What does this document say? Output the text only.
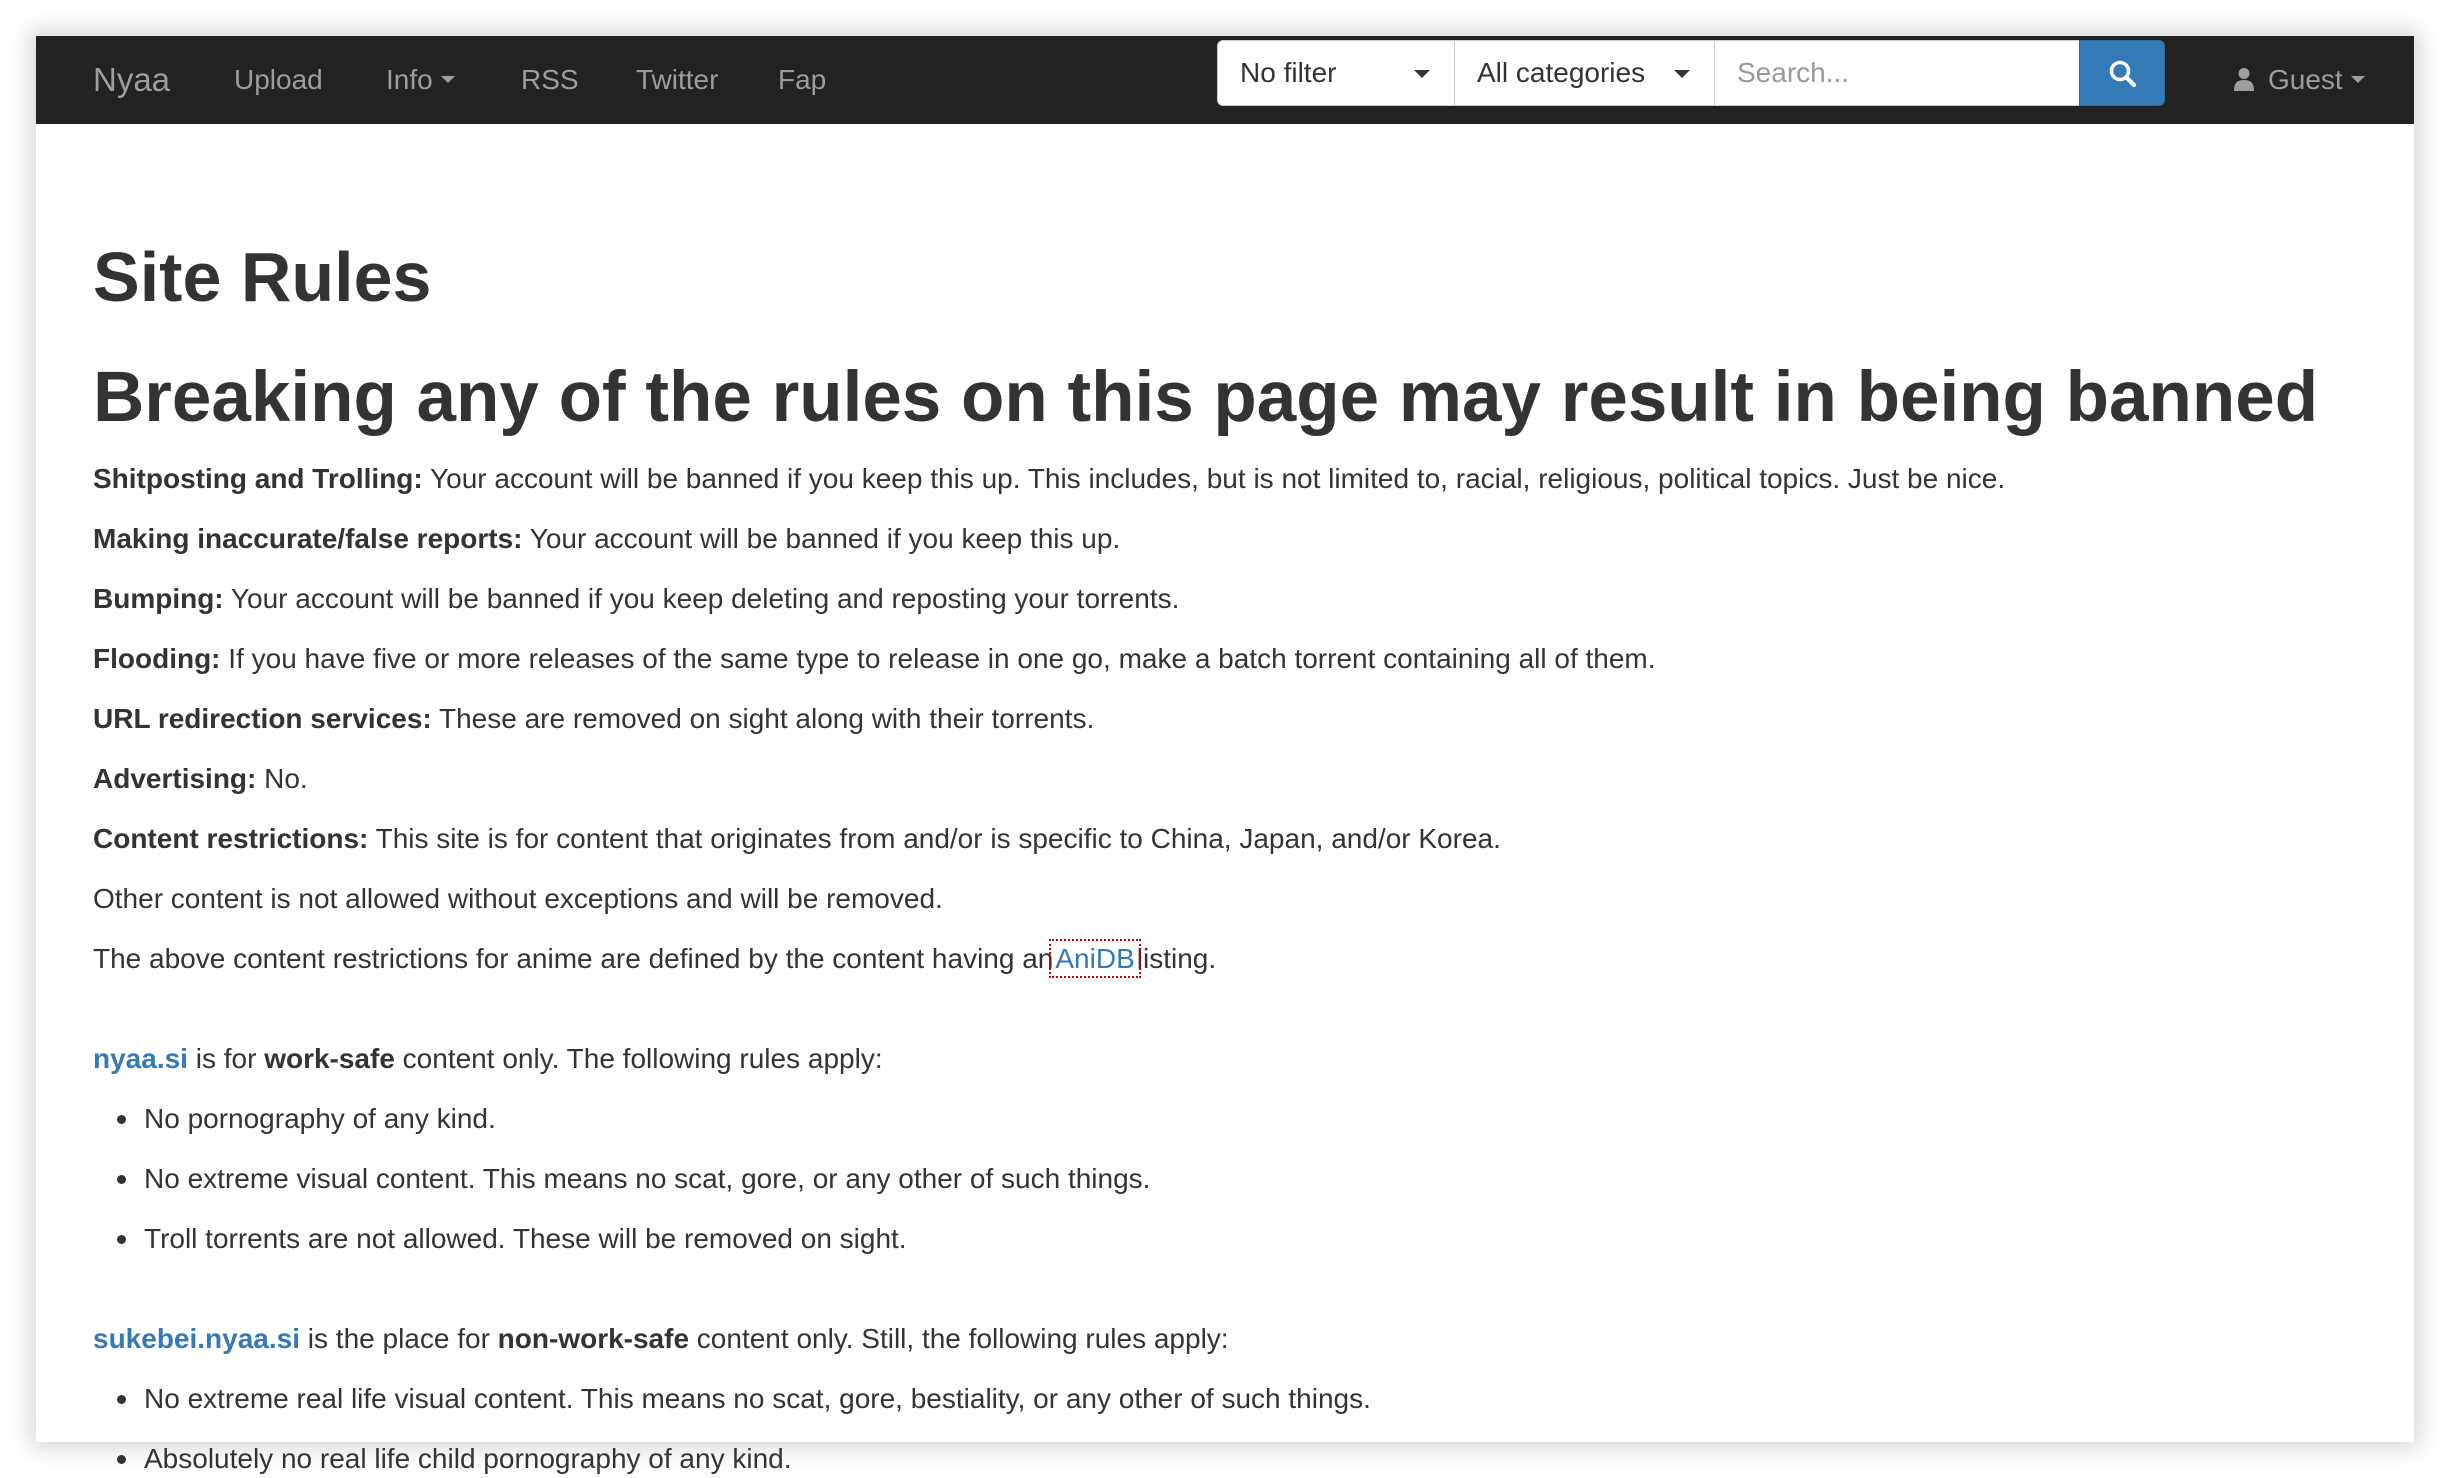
Nyaa Upload Info	RSS Twitter Fap	No filter	All categories
Search...	Guest
Site Rules
Breaking any of the rules on this page may result in being banned
Shitposting and Trolling: Your account will be banned if you keep this up. This includes, but is not limited to, racial, religious, political topics. Just be nice.
Making inaccurate/false reports: Your account will be banned if you keep this up.
Bumping: Your account will be banned if you keep deleting and reposting your torrents.
Flooding: If you have five or more releases of the same type to release in one go, make a batch torrent containing all of them.
URL redirection services: These are removed on sight along with their torrents.
Advertising: No.
Content restrictions: This site is for content that originates from and/or is specific to China, Japan, and/or Korea.
Other content is not allowed without exceptions and will be removed.
The above content restrictions for anime are defined by the content having anAniDBlisting.
nyaa.si is for work-safe content only. The following rules apply:
No pornography of any kind.
No extreme visual content. This means no scat, gore, or any other of such things.
Troll torrents are not allowed. These will be removed on sight.
sukebei.nyaa.si is the place for non-work-safe content only. Still, the following rules apply:
No extreme real life visual content. This means no scat, gore, bestiality, or any other of such things.
Absolutely no real life child pornography of any kind.
